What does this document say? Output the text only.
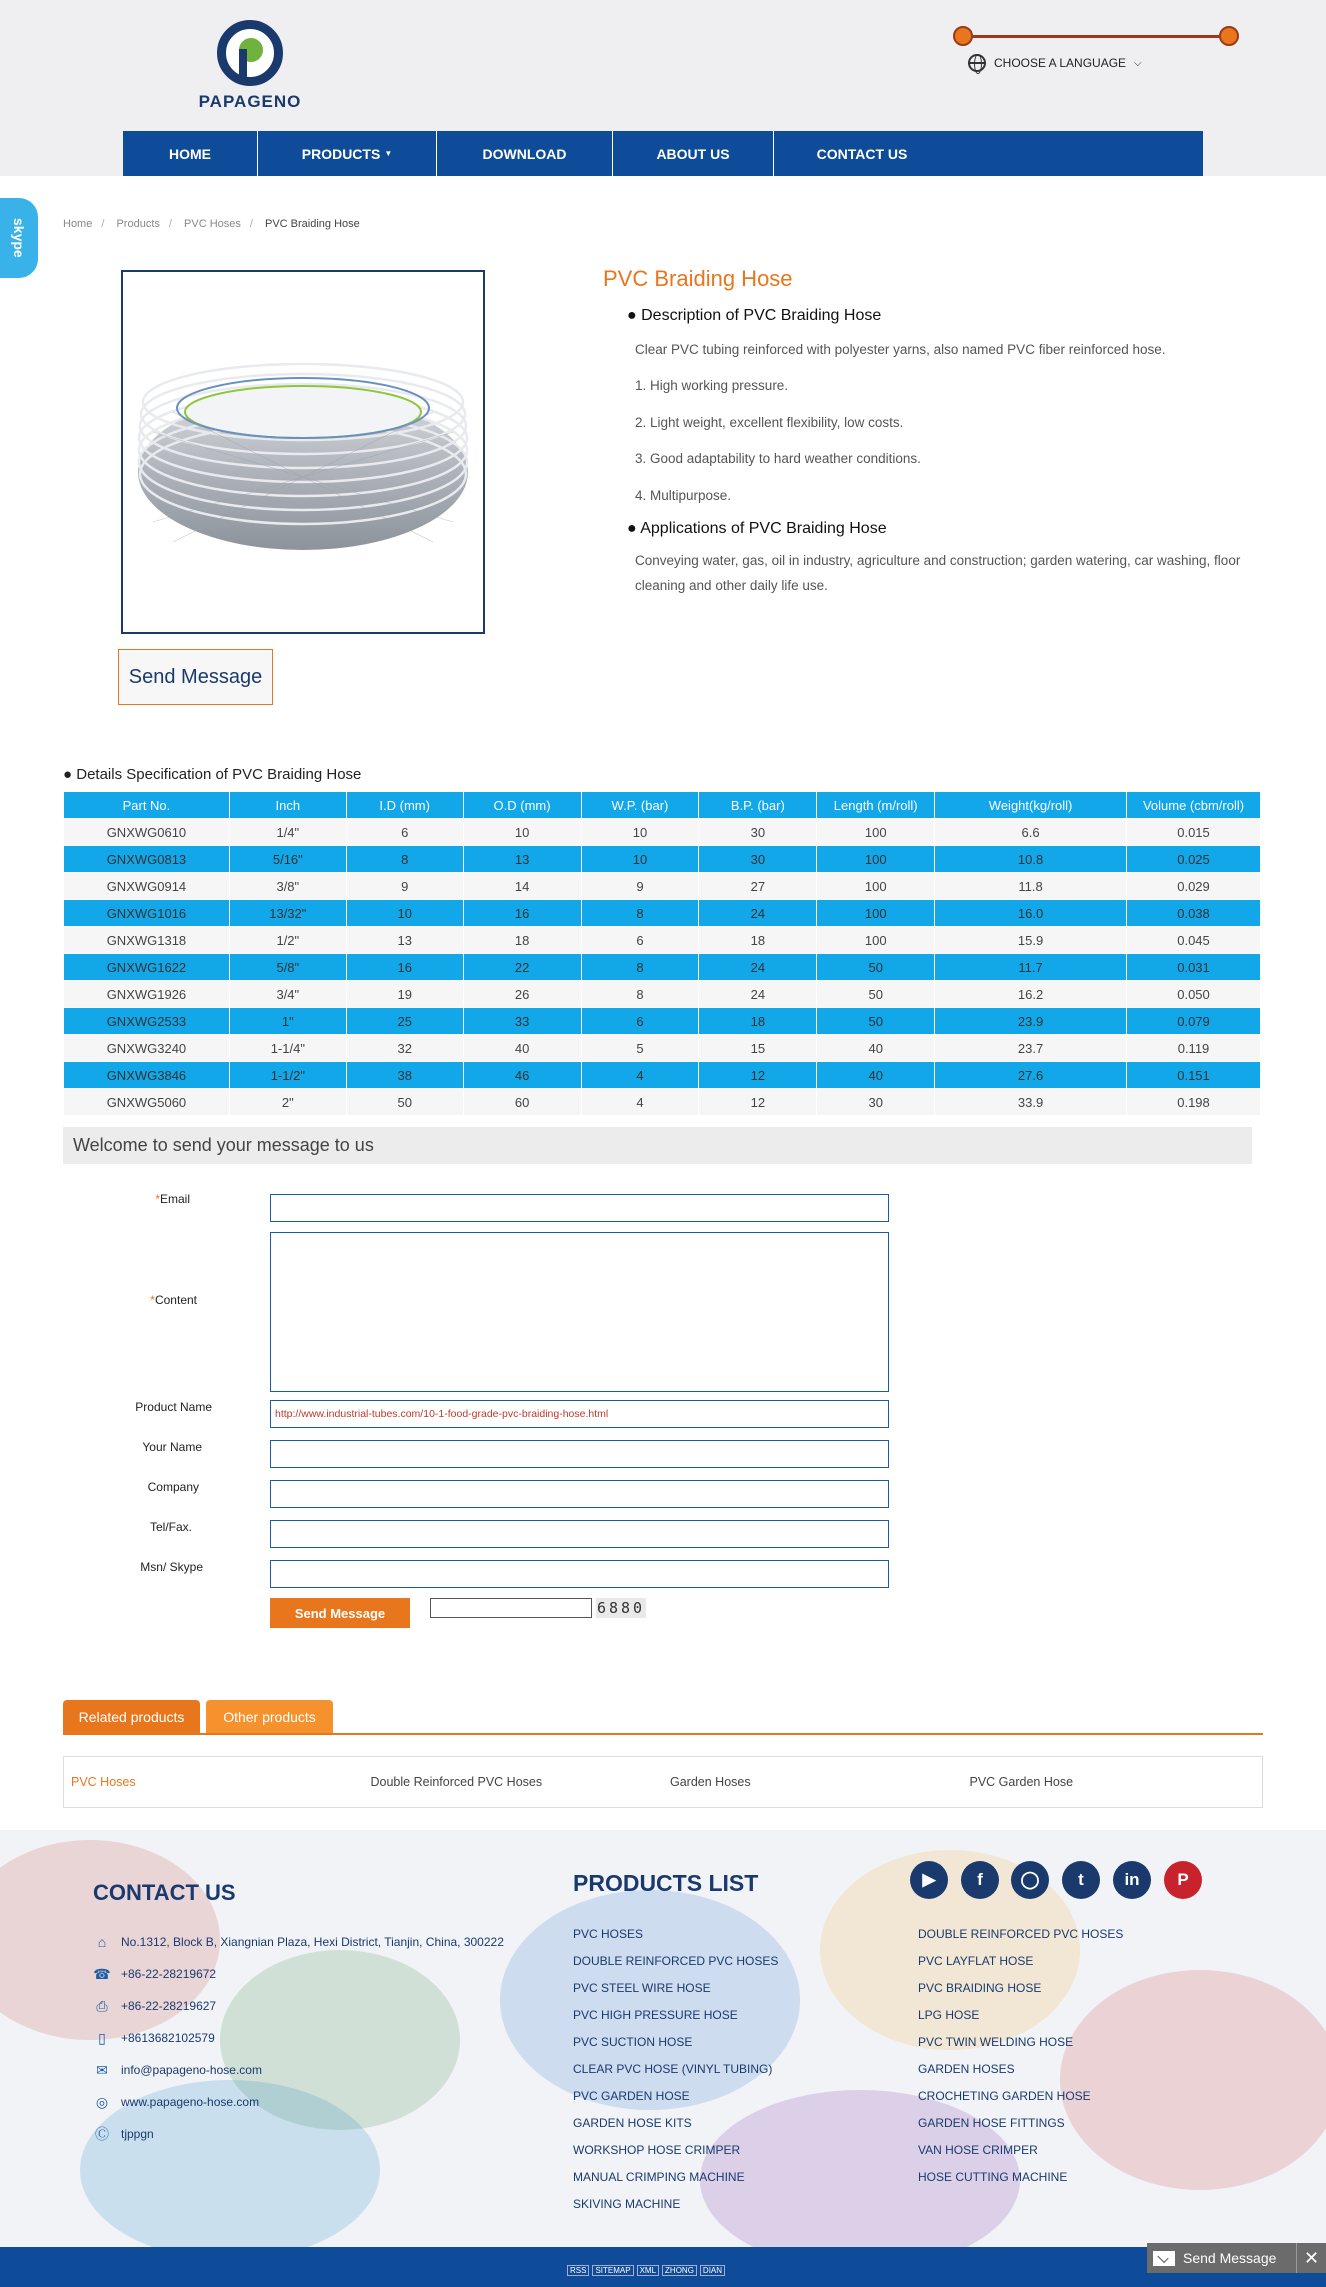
PAPAGENO
CHOOSE A LANGUAGE ⌵
HOME	PRODUCTS ▼	DOWNLOAD	ABOUT US	CONTACT US
skype	Home / Products / PVC Hoses / PVC Braiding Hose
Send Message
PVC Braiding Hose
● Description of PVC Braiding Hose

Clear PVC tubing reinforced with polyester yarns, also named PVC fiber reinforced hose.

1. High working pressure.

2. Light weight, excellent flexibility, low costs.

3. Good adaptability to hard weather conditions.

4. Multipurpose.

● Applications of PVC Braiding Hose

Conveying water, gas, oil in industry, agriculture and construction; garden watering, car washing, floor cleaning and other daily life use.

● Details Specification of PVC Braiding Hose
Part No.	Inch	I.D (mm)	O.D (mm)	W.P. (bar)	B.P. (bar)	Length (m/roll)	Weight(kg/roll)	Volume (cbm/roll)
GNXWG0610	1/4"	6	10	10	30	100	6.6	0.015
GNXWG0813	5/16"	8	13	10	30	100	10.8	0.025
GNXWG0914	3/8"	9	14	9	27	100	11.8	0.029
GNXWG1016	13/32"	10	16	8	24	100	16.0	0.038
GNXWG1318	1/2"	13	18	6	18	100	15.9	0.045
GNXWG1622	5/8"	16	22	8	24	50	11.7	0.031
GNXWG1926	3/4"	19	26	8	24	50	16.2	0.050
GNXWG2533	1"	25	33	6	18	50	23.9	0.079
GNXWG3240	1-1/4"	32	40	5	15	40	23.7	0.119
GNXWG3846	1-1/2"	38	46	4	12	40	27.6	0.151
GNXWG5060	2"	50	60	4	12	30	33.9	0.198
Welcome to send your message to us
*Email
*Content
Product Name	http://www.industrial-tubes.com/10-1-food-grade-pvc-braiding-hose.html
Your Name
Company
Tel/Fax.
Msn/ Skype
Send Message	6880
Related products	Other products
PVC Hoses	Double Reinforced PVC Hoses	Garden Hoses	PVC Garden Hose
CONTACT US
⌂	No.1312, Block B, Xiangnian Plaza, Hexi District, Tianjin, China, 300222
☎ +86-22-28219672
⎙ +86-22-28219627
▯	+8613682102579
✉ info@papageno-hose.com
◎ www.papageno-hose.com
Ⓒ tjppgn
PRODUCTS LIST
PVC HOSES
DOUBLE REINFORCED PVC HOSES
PVC STEEL WIRE HOSE
PVC HIGH PRESSURE HOSE
PVC SUCTION HOSE
CLEAR PVC HOSE (VINYL TUBING)
PVC GARDEN HOSE
GARDEN HOSE KITS
WORKSHOP HOSE CRIMPER
MANUAL CRIMPING MACHINE
SKIVING MACHINE
DOUBLE REINFORCED PVC HOSES
PVC LAYFLAT HOSE
PVC BRAIDING HOSE
LPG HOSE
PVC TWIN WELDING HOSE
GARDEN HOSES
CROCHETING GARDEN HOSE
GARDEN HOSE FITTINGS
VAN HOSE CRIMPER
HOSE CUTTING MACHINE
▶	f	◯	t	in	P
RSS	SITEMAP	XML	ZHONG	DIAN
Send Message	✕
